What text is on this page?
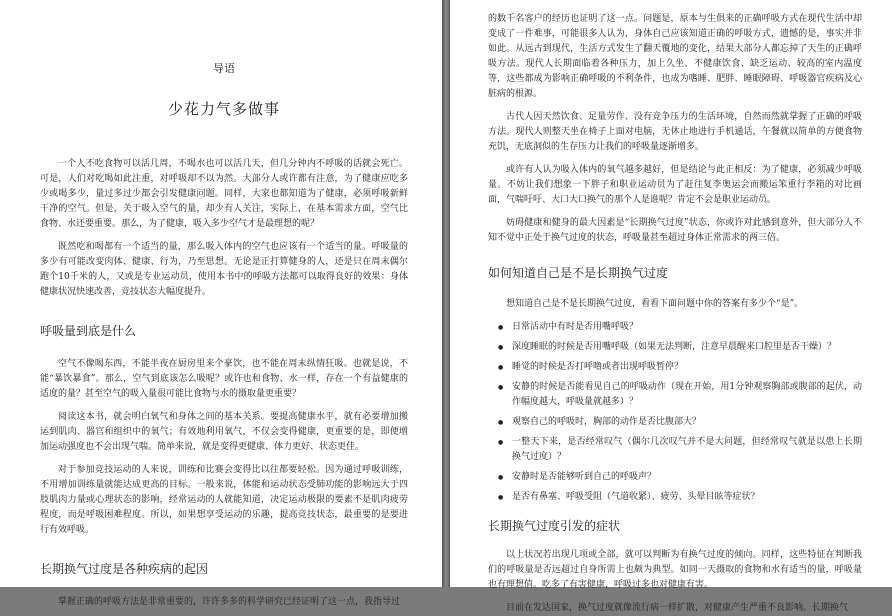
导语
少花力气多做事

一个人不吃食物可以活几周，不喝水也可以活几天，但几分钟内不呼吸的话就会死亡。可是，人们对吃喝如此注重，对呼吸却不以为然。大部分人或许都有注意，为了健康应吃多少或喝多少，量过多过少都会引发健康问题。同样，大家也都知道为了健康，必须呼吸新鲜干净的空气。但是，关于吸入空气的量，却少有人关注，实际上，在基本需求方面，空气比食物、水还要重要。那么，为了健康，吸入多少空气才是最理想的呢？

既然吃和喝都有一个适当的量，那么吸入体内的空气也应该有一个适当的量。呼吸量的多少有可能改变肉体、健康、行为，乃至思想。无论是正打算健身的人，还是只在周末偶尔跑个10千米的人，又或是专业运动员，使用本书中的呼吸方法都可以取得良好的效果：身体健康状况快速改善，竞技状态大幅度提升。

呼吸量到底是什么

空气不像喝东西，不能半夜在厨房里来个豪饮，也不能在周末纵情狂吸。也就是说，不能“暴饮暴食”。那么，空气到底该怎么吸呢？或许也和食物、水一样，存在一个有益健康的适度的量？甚至空气的吸入量很可能比食物与水的摄取量更重要？

阅读这本书，就会明白氧气和身体之间的基本关系。要提高健康水平，就有必要增加搬运到肌肉、器官和组织中的氧气；有效地利用氧气，不仅会变得健康，更重要的是，即便增加运动强度也不会出现气喘。简单来说，就是变得更健康、体力更好、状态更佳。

对于参加竞技运动的人来说，训练和比赛会变得比以往都要轻松。因为通过呼吸训练，不用增加训练量就能达成更高的目标。一般来说，体能和运动状态受肺功能的影响远大于四肢肌肉力量或心理状态的影响，经常运动的人就能知道，决定运动极限的要素不是肌肉疲劳程度，而是呼吸困难程度。所以，如果想享受运动的乐趣，提高竞技状态，最重要的是要进行有效呼吸。

长期换气过度是各种疾病的起因

掌握正确的呼吸方法是非常重要的，许许多多的科学研究已经证明了这一点，我指导过

的数千名客户的经历也证明了这一点。问题是，原本与生俱来的正确呼吸方式在现代生活中却变成了一件难事，可能很多人认为，身体自己应该知道正确的呼吸方式，遗憾的是，事实并非如此。从远古到现代，生活方式发生了翻天覆地的变化，结果大部分人都忘掉了天生的正确呼吸方法。现代人长期面临着各种压力，加上久坐、不健康饮食、缺乏运动、较高的室内温度等，这些都成为影响正确呼吸的不利条件，也成为嗜睡、肥胖、睡眠障碍、呼吸器官疾病及心脏病的根源。

古代人因天然饮食、足量劳作、没有竞争压力的生活环境，自然而然就掌握了正确的呼吸方法。现代人则整天坐在椅子上面对电脑，无休止地进行手机通话，午餐就以简单的方便食物充饥，无底洞似的生存压力让我们的呼吸量逐渐增多。

或许有人认为吸入体内的氧气越多越好，但是结论与此正相反：为了健康，必须减少呼吸量。不妨让我们想象一下胖子和职业运动员为了赶往复李奥运会而搬运笨重行李箱的对比画面，气喘吁吁、大口大口换气的那个人是谁呢？肯定不会是职业运动员。

妨碍健康和健身的最大因素是“长期换气过度”状态，你或许对此感到意外，但大部分人不知不觉中正处于换气过度的状态，呼吸量甚至超过身体正常需求的两三倍。

如何知道自己是不是长期换气过度

想知道自己是不是长期换气过度，看看下面问题中你的答案有多少个“是”。

● 日常活动中有时是否用嘴呼吸？
● 深度睡眠的时候是否用嘴呼吸（如果无法判断，注意早晨醒来口腔里是否干燥）？
● 睡觉的时候是否打呼噜或者出现呼吸暂停？
● 安静的时候是否能看见自己的呼吸动作（现在开始，用1分钟观察胸部或腹部的起伏，动作幅度越大，呼吸量就越多）？
● 观察自己的呼吸时，胸部的动作是否比腹部大？
● 一整天下来，是否经常叹气（偶尔几次叹气并不是大问题，但经常叹气就是以患上长期换气过度）？
● 安静时是否能够听到自己的呼吸声？
● 是否有鼻塞、呼吸受阻（气道收紧）、疲劳、头晕目眩等症状？
长期换气过度引发的症状

以上状况若出现几项或全部，就可以判断为有换气过度的倾向。同样，这些特征在判断我们的呼吸量是否远超过自身所需上也颇为典型。如同一天摄取的食物和水有适当的量，呼吸量也有理想值。吃多了有害健康，呼吸过多也对健康有害。

目前在发达国家，换气过度就像流行病一样扩散，对健康产生严重不良影响。长期换气
